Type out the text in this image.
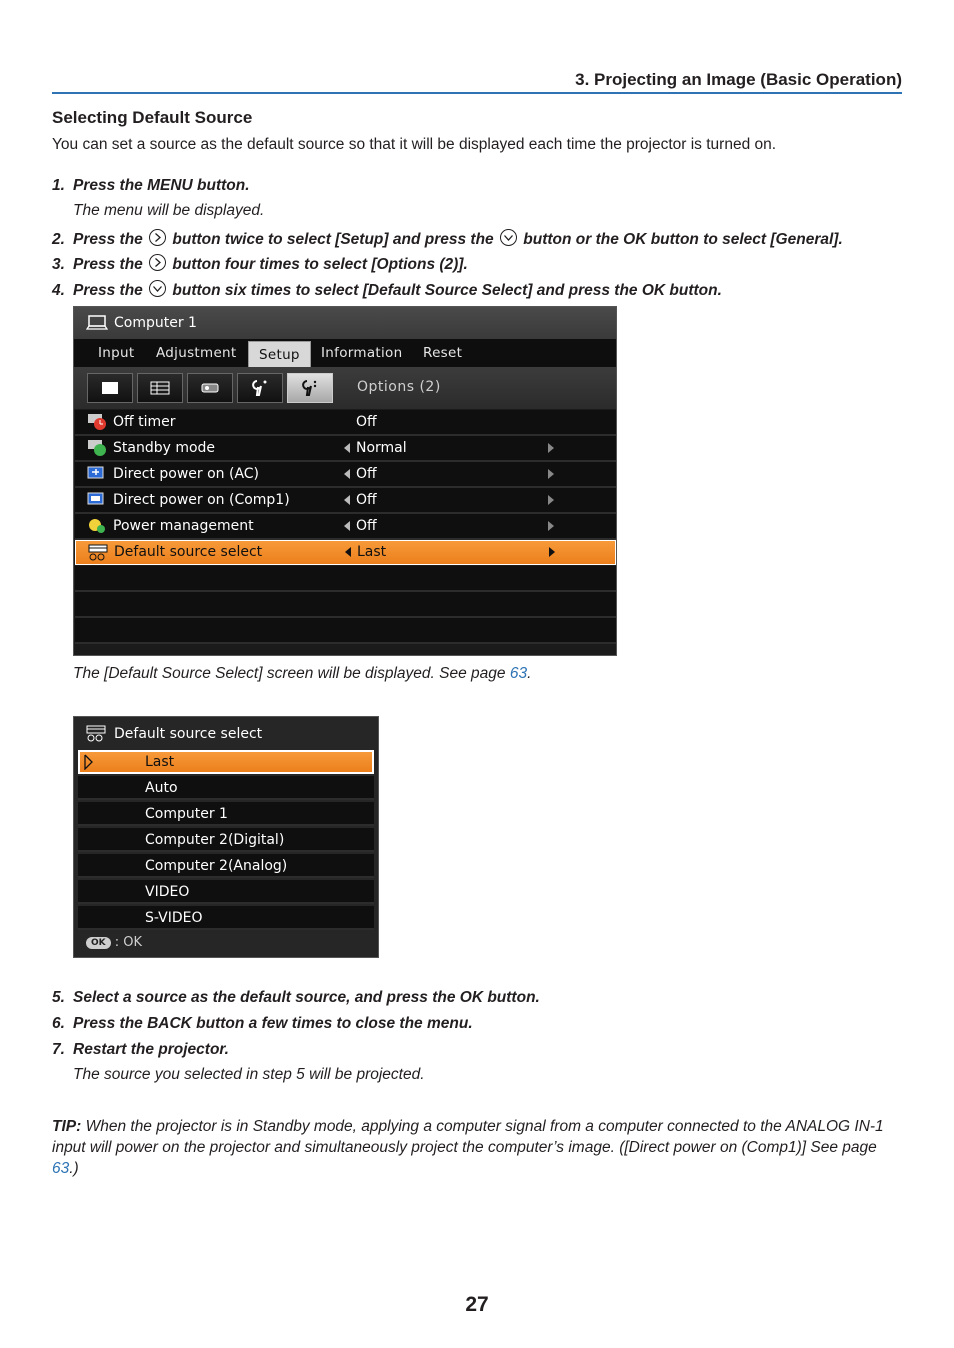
3. Projecting an Image (Basic Operation)
Selecting Default Source
You can set a source as the default source so that it will be displayed each time the projector is turned on.
1. Press the MENU button.
The menu will be displayed.
2. Press the button twice to select [Setup] and press the button or the OK button to select [General].
3. Press the button four times to select [Options (2)].
4. Press the button six times to select [Default Source Select] and press the OK button.
Computer 1
Input Adjustment	Setup	Information Reset
Options (2)
Off timer	Off
Standby mode	Normal
Direct power on (AC)	Off
Direct power on (Comp1)	Off
Power management	Off
Default source select	Last
The [Default Source Select] screen will be displayed. See page 63.
Default source select
Last
Auto
Computer 1
Computer 2(Digital)
Computer 2(Analog)
VIDEO
S-VIDEO
OK : OK
5. Select a source as the default source, and press the OK button.
6. Press the BACK button a few times to close the menu.
7. Restart the projector.
The source you selected in step 5 will be projected.
TIP: When the projector is in Standby mode, applying a computer signal from a computer connected to the ANALOG IN-1 input will power on the projector and simultaneously project the computer’s image. ([Direct power on (Comp1)] See page 63.)
27
